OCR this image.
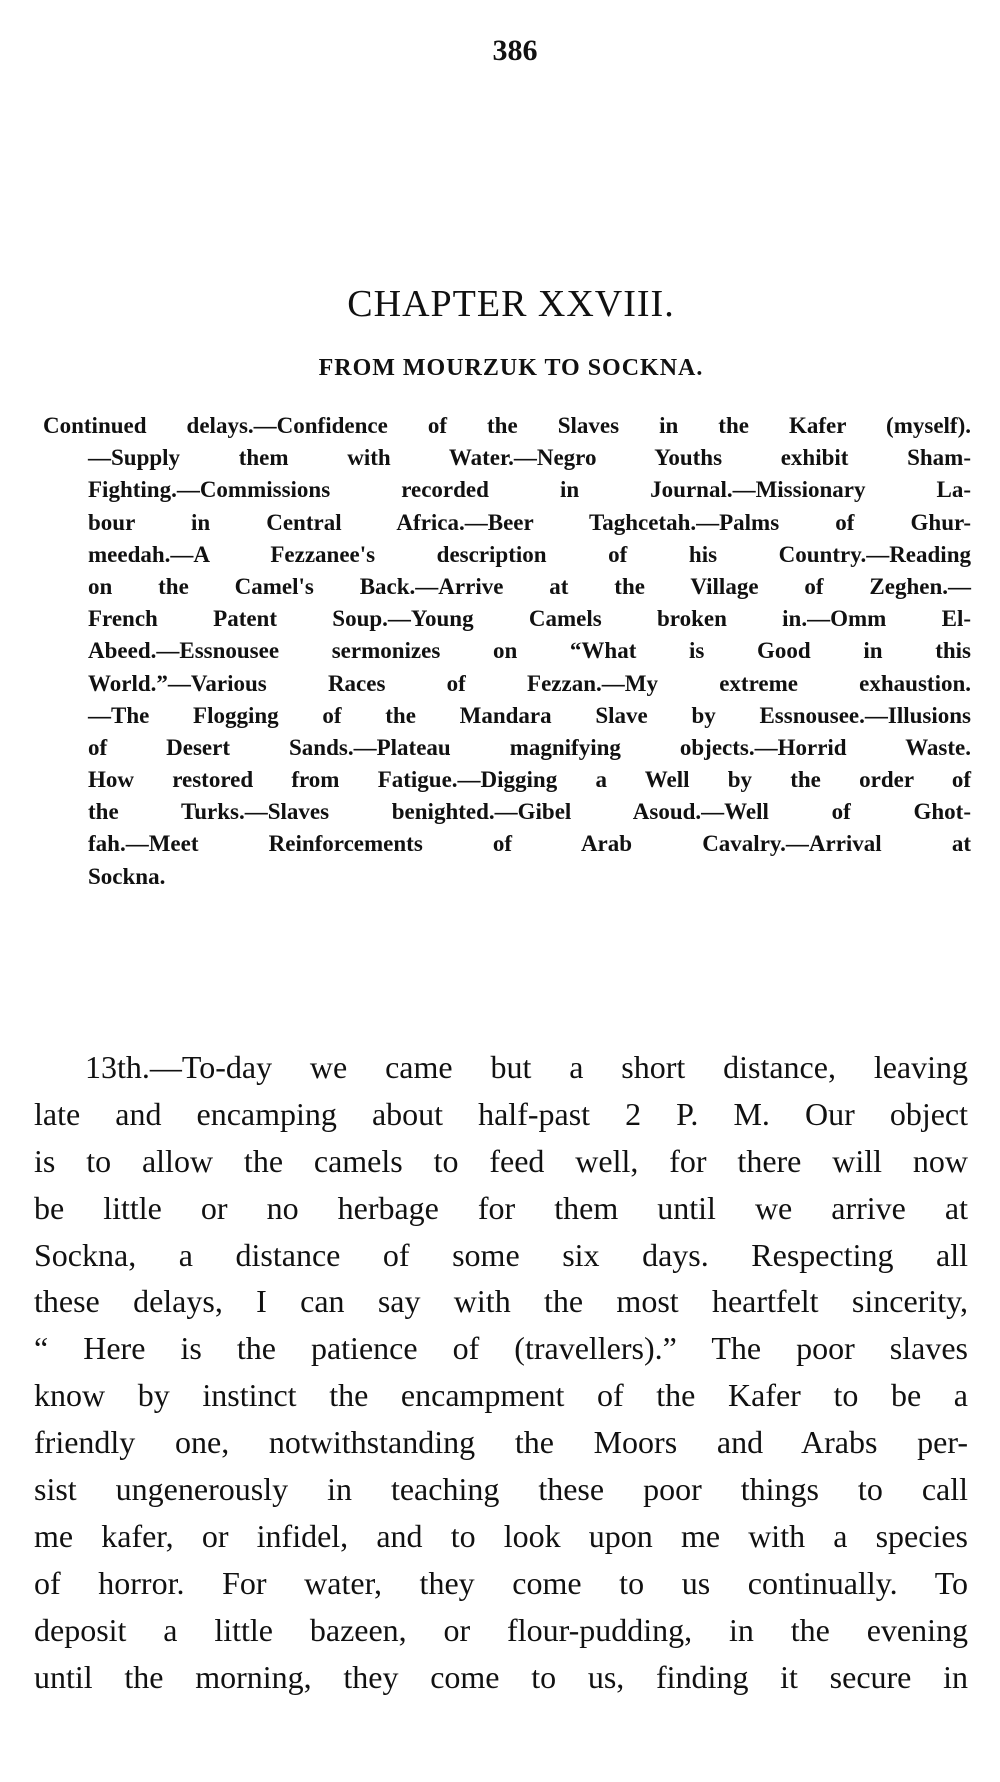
386
CHAPTER XXVIII.
FROM MOURZUK TO SOCKNA.
Continued delays.—Confidence of the Slaves in the Kafer (myself).
—Supply them with Water.—Negro Youths exhibit Sham-
Fighting.—Commissions recorded in Journal.—Missionary La-
bour in Central Africa.—Beer Taghcetah.—Palms of Ghur-
meedah.—A Fezzanee's description of his Country.—Reading
on the Camel's Back.—Arrive at the Village of Zeghen.—
French Patent Soup.—Young Camels broken in.—Omm El-
Abeed.—Essnousee sermonizes on “What is Good in this
World.”—Various Races of Fezzan.—My extreme exhaustion.
—The Flogging of the Mandara Slave by Essnousee.—Illusions
of Desert Sands.—Plateau magnifying objects.—Horrid Waste.
How restored from Fatigue.—Digging a Well by the order of
the Turks.—Slaves benighted.—Gibel Asoud.—Well of Ghot-
fah.—Meet Reinforcements of Arab Cavalry.—Arrival at
Sockna.
13th.—To-day we came but a short distance, leaving
late and encamping about half-past 2 P. M. Our object
is to allow the camels to feed well, for there will now
be little or no herbage for them until we arrive at
Sockna, a distance of some six days. Respecting all
these delays, I can say with the most heartfelt sincerity,
“ Here is the patience of (travellers).” The poor slaves
know by instinct the encampment of the Kafer to be a
friendly one, notwithstanding the Moors and Arabs per-
sist ungenerously in teaching these poor things to call
me kafer, or infidel, and to look upon me with a species
of horror. For water, they come to us continually. To
deposit a little bazeen, or flour-pudding, in the evening
until the morning, they come to us, finding it secure in
